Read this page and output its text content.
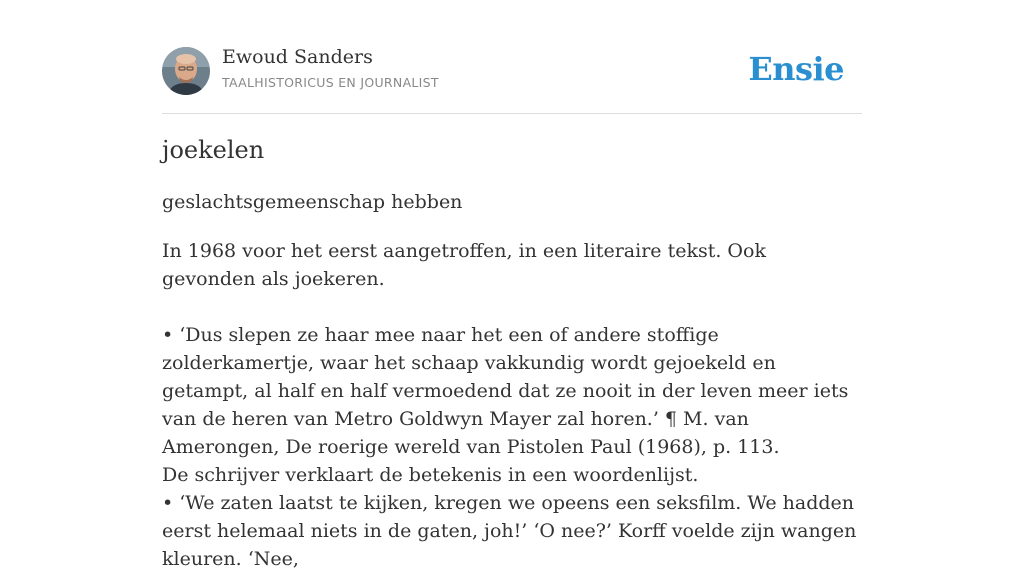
Ewoud Sanders
TAALHISTORICUS EN JOURNALIST	Ensie
joekelen

geslachtsgemeenschap hebben

In 1968 voor het eerst aangetroffen, in een literaire tekst. Ook gevonden als joekeren.

• ‘Dus slepen ze haar mee naar het een of andere stoffige zolderkamertje, waar het schaap vakkundig wordt gejoekeld en getampt, al half en half vermoedend dat ze nooit in der leven meer iets van de heren van Metro Goldwyn Mayer zal horen.’ ¶ M. van Amerongen, De roerige wereld van Pistolen Paul (1968), p. 113.

De schrijver verklaart de betekenis in een woordenlijst.

• ‘We zaten laatst te kijken, kregen we opeens een seksfilm. We hadden eerst helemaal niets in de gaten, joh!’ ‘O nee?’ Korff voelde zijn wangen kleuren. ‘Nee,
